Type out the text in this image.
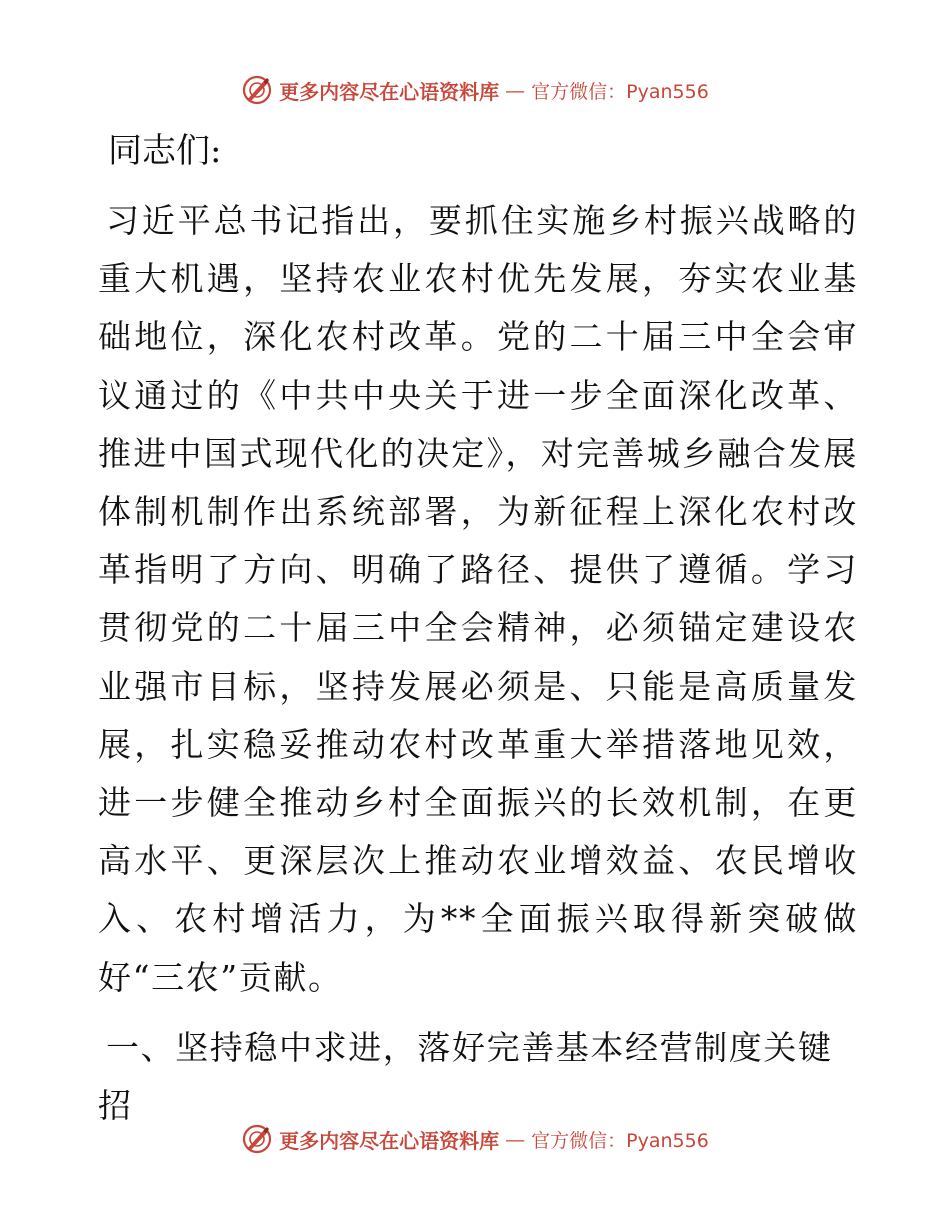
更多内容尽在心语资料库 — 官方微信：Pyan556

同志们:

习近平总书记指出，要抓住实施乡村振兴战略的重大机遇，坚持农业农村优先发展，夯实农业基础地位，深化农村改革。党的二十届三中全会审议通过的《中共中央关于进一步全面深化改革、推进中国式现代化的决定》，对完善城乡融合发展体制机制作出系统部署，为新征程上深化农村改革指明了方向、明确了路径、提供了遵循。学习贯彻党的二十届三中全会精神，必须锚定建设农业强市目标，坚持发展必须是、只能是高质量发展，扎实稳妥推动农村改革重大举措落地见效，进一步健全推动乡村全面振兴的长效机制，在更高水平、更深层次上推动农业增效益、农民增收入、农村增活力，为**全面振兴取得新突破做好“三农”贡献。

一、坚持稳中求进，落好完善基本经营制度关键招

更多内容尽在心语资料库 — 官方微信：Pyan556
